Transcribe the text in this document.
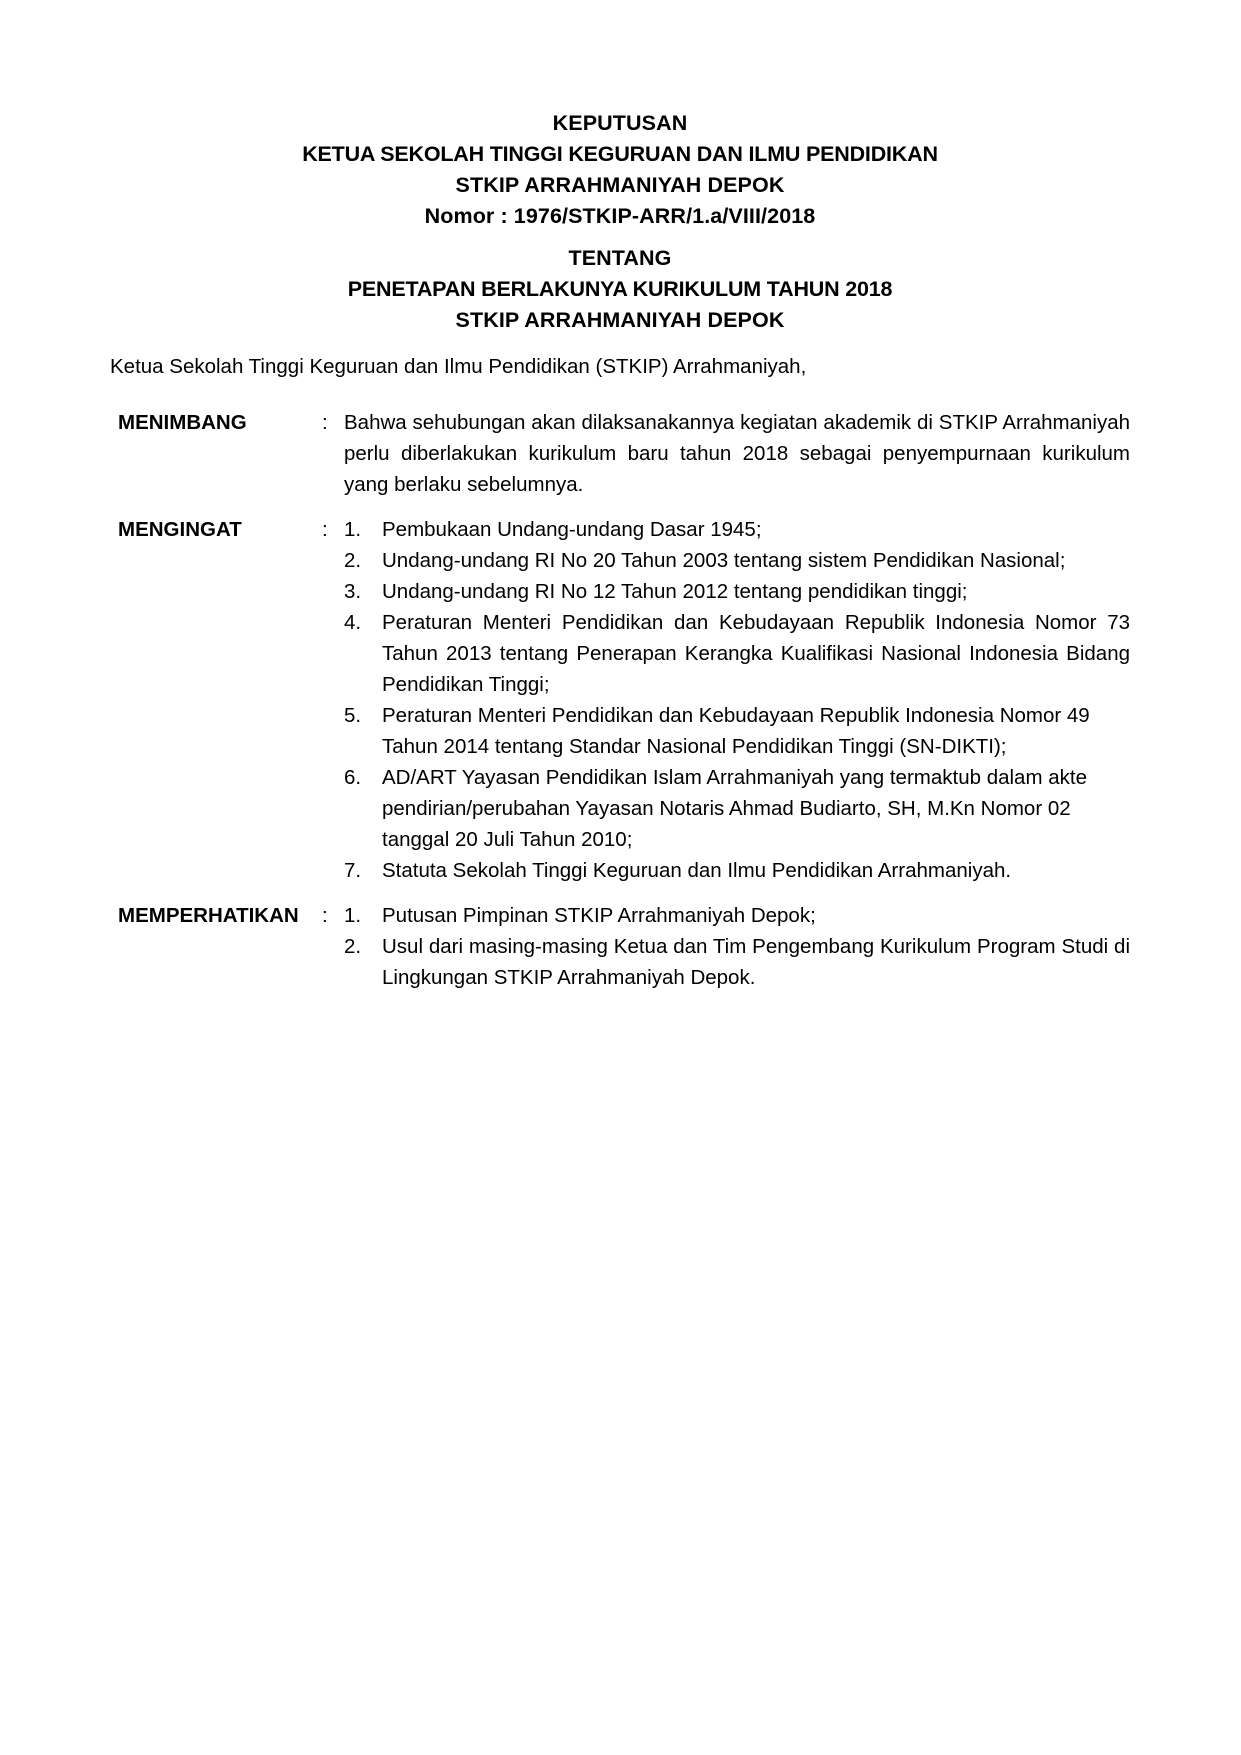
KEPUTUSAN
KETUA SEKOLAH TINGGI KEGURUAN DAN ILMU PENDIDIKAN
STKIP ARRAHMANIYAH DEPOK
Nomor : 1976/STKIP-ARR/1.a/VIII/2018
TENTANG
PENETAPAN BERLAKUNYA KURIKULUM TAHUN 2018
STKIP ARRAHMANIYAH DEPOK
Ketua Sekolah Tinggi Keguruan dan Ilmu Pendidikan (STKIP) Arrahmaniyah,
MENIMBANG	: Bahwa sehubungan akan dilaksanakannya kegiatan akademik di STKIP Arrahmaniyah perlu diberlakukan kurikulum baru tahun 2018 sebagai penyempurnaan kurikulum yang berlaku sebelumnya.

MENGINGAT	: 1.	Pembukaan Undang-undang Dasar 1945;
2.	Undang-undang RI No 20 Tahun 2003 tentang sistem Pendidikan Nasional;
3.	Undang-undang RI No 12 Tahun 2012 tentang pendidikan tinggi;
4.	Peraturan Menteri Pendidikan dan Kebudayaan Republik Indonesia Nomor 73 Tahun 2013 tentang Penerapan Kerangka Kualifikasi Nasional Indonesia Bidang Pendidikan Tinggi;
5.	Peraturan Menteri Pendidikan dan Kebudayaan Republik Indonesia Nomor 49 Tahun 2014 tentang Standar Nasional Pendidikan Tinggi (SN-DIKTI);
6.	AD/ART Yayasan Pendidikan Islam Arrahmaniyah yang termaktub dalam akte pendirian/perubahan Yayasan Notaris Ahmad Budiarto, SH, M.Kn Nomor 02 tanggal 20 Juli Tahun 2010;
7.	Statuta Sekolah Tinggi Keguruan dan Ilmu Pendidikan Arrahmaniyah.
MEMPERHATIKAN	: 1.	Putusan Pimpinan STKIP Arrahmaniyah Depok;
2.	Usul dari masing-masing Ketua dan Tim Pengembang Kurikulum Program Studi di Lingkungan STKIP Arrahmaniyah Depok.
